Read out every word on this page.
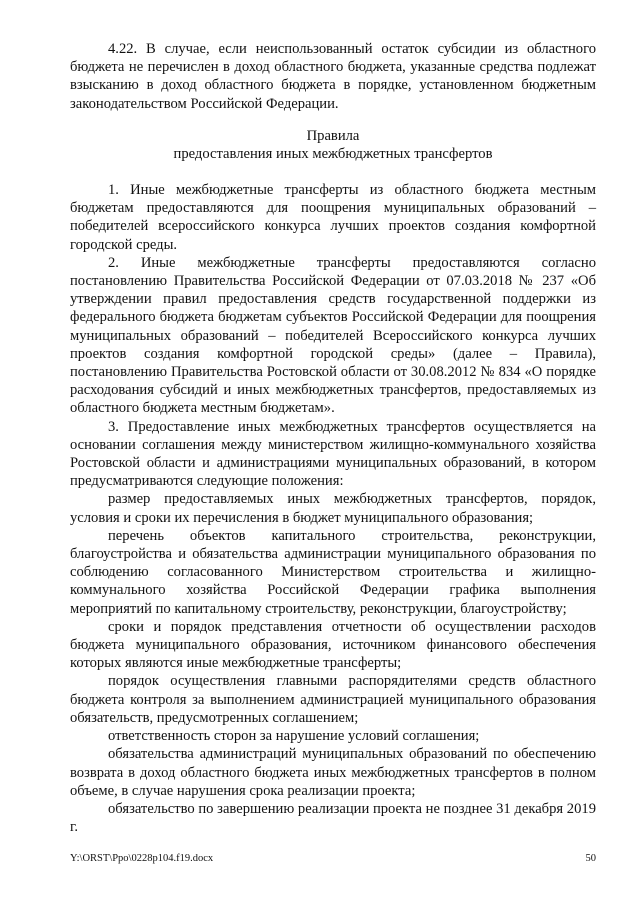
4.22. В случае, если неиспользованный остаток субсидии из областного бюджета не перечислен в доход областного бюджета, указанные средства подлежат взысканию в доход областного бюджета в порядке, установленном бюджетным законодательством Российской Федерации.

Правила

предоставления иных межбюджетных трансфертов

1. Иные межбюджетные трансферты из областного бюджета местным бюджетам предоставляются для поощрения муниципальных образований – победителей всероссийского конкурса лучших проектов создания комфортной городской среды.

2. Иные межбюджетные трансферты предоставляются согласно постановлению Правительства Российской Федерации от 07.03.2018 № 237 «Об утверждении правил предоставления средств государственной поддержки из федерального бюджета бюджетам субъектов Российской Федерации для поощрения муниципальных образований – победителей Всероссийского конкурса лучших проектов создания комфортной городской среды» (далее – Правила), постановлению Правительства Ростовской области от 30.08.2012 № 834 «О порядке расходования субсидий и иных межбюджетных трансфертов, предоставляемых из областного бюджета местным бюджетам».

3. Предоставление иных межбюджетных трансфертов осуществляется на основании соглашения между министерством жилищно-коммунального хозяйства Ростовской области и администрациями муниципальных образований, в котором предусматриваются следующие положения:

размер предоставляемых иных межбюджетных трансфертов, порядок, условия и сроки их перечисления в бюджет муниципального образования;

перечень объектов капитального строительства, реконструкции, благоустройства и обязательства администрации муниципального образования по соблюдению согласованного Министерством строительства и жилищно-коммунального хозяйства Российской Федерации графика выполнения мероприятий по капитальному строительству, реконструкции, благоустройству;

сроки и порядок представления отчетности об осуществлении расходов бюджета муниципального образования, источником финансового обеспечения которых являются иные межбюджетные трансферты;

порядок осуществления главными распорядителями средств областного бюджета контроля за выполнением администрацией муниципального образования обязательств, предусмотренных соглашением;

ответственность сторон за нарушение условий соглашения;

обязательства администраций муниципальных образований по обеспечению возврата в доход областного бюджета иных межбюджетных трансфертов в полном объеме, в случае нарушения срока реализации проекта;

обязательство по завершению реализации проекта не позднее 31 декабря 2019 г.

Y:\ORST\Ppo\0228p104.f19.docx	50
